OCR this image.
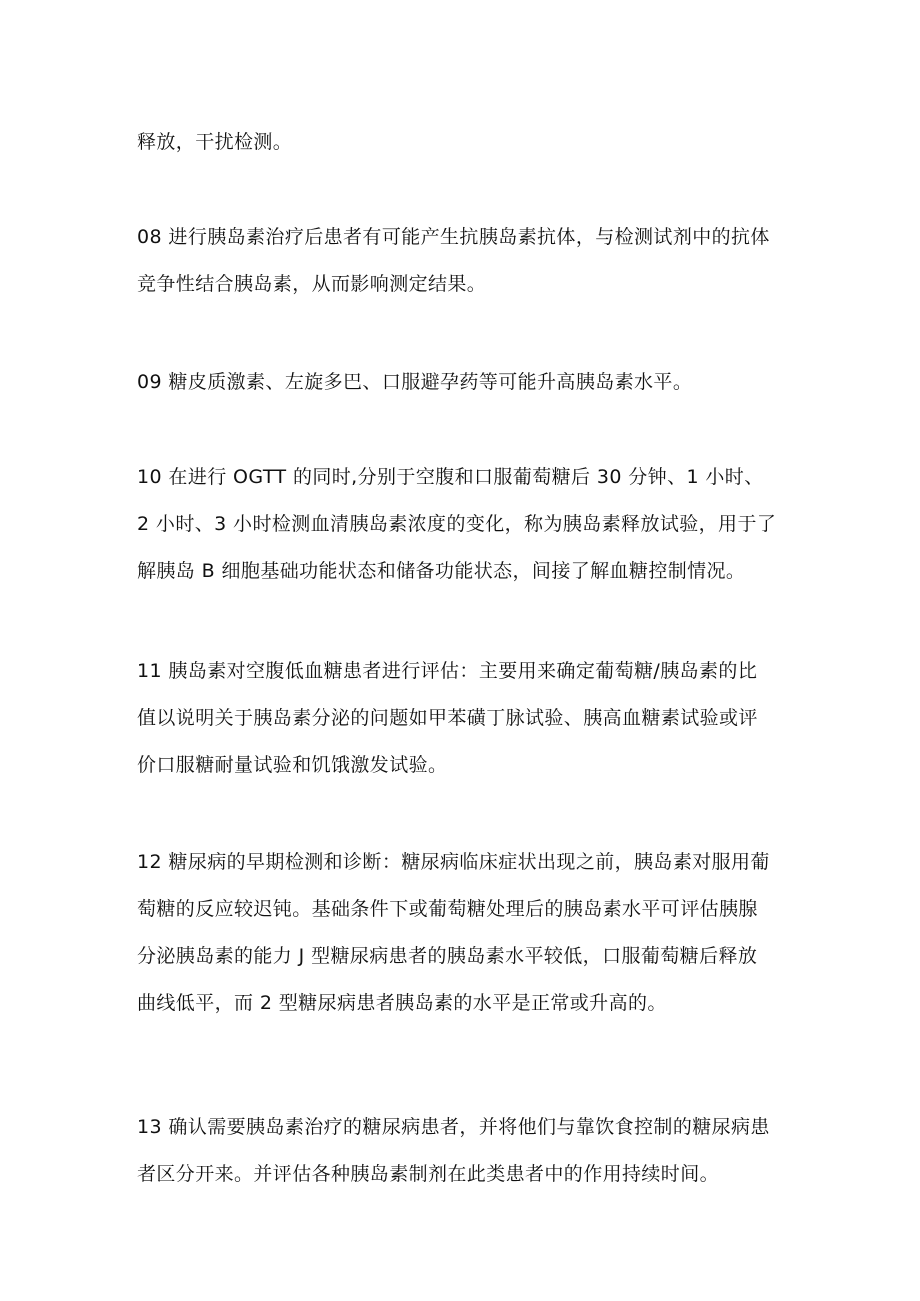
释放，干扰检测。

08 进行胰岛素治疗后患者有可能产生抗胰岛素抗体，与检测试剂中的抗体
竞争性结合胰岛素，从而影响测定结果。

09 糖皮质激素、左旋多巴、口服避孕药等可能升高胰岛素水平。

10 在进行 OGTT 的同时,分别于空腹和口服葡萄糖后 30 分钟、1 小时、
2 小时、3 小时检测血清胰岛素浓度的变化，称为胰岛素释放试验，用于了
解胰岛 B 细胞基础功能状态和储备功能状态，间接了解血糖控制情况。

11 胰岛素对空腹低血糖患者进行评估：主要用来确定葡萄糖/胰岛素的比
值以说明关于胰岛素分泌的问题如甲苯磺丁脉试验、胰高血糖素试验或评
价口服糖耐量试验和饥饿激发试验。

12 糖尿病的早期检测和诊断：糖尿病临床症状出现之前，胰岛素对服用葡
萄糖的反应较迟钝。基础条件下或葡萄糖处理后的胰岛素水平可评估胰腺
分泌胰岛素的能力 J 型糖尿病患者的胰岛素水平较低，口服葡萄糖后释放
曲线低平，而 2 型糖尿病患者胰岛素的水平是正常或升高的。

13 确认需要胰岛素治疗的糖尿病患者，并将他们与靠饮食控制的糖尿病患
者区分开来。并评估各种胰岛素制剂在此类患者中的作用持续时间。
